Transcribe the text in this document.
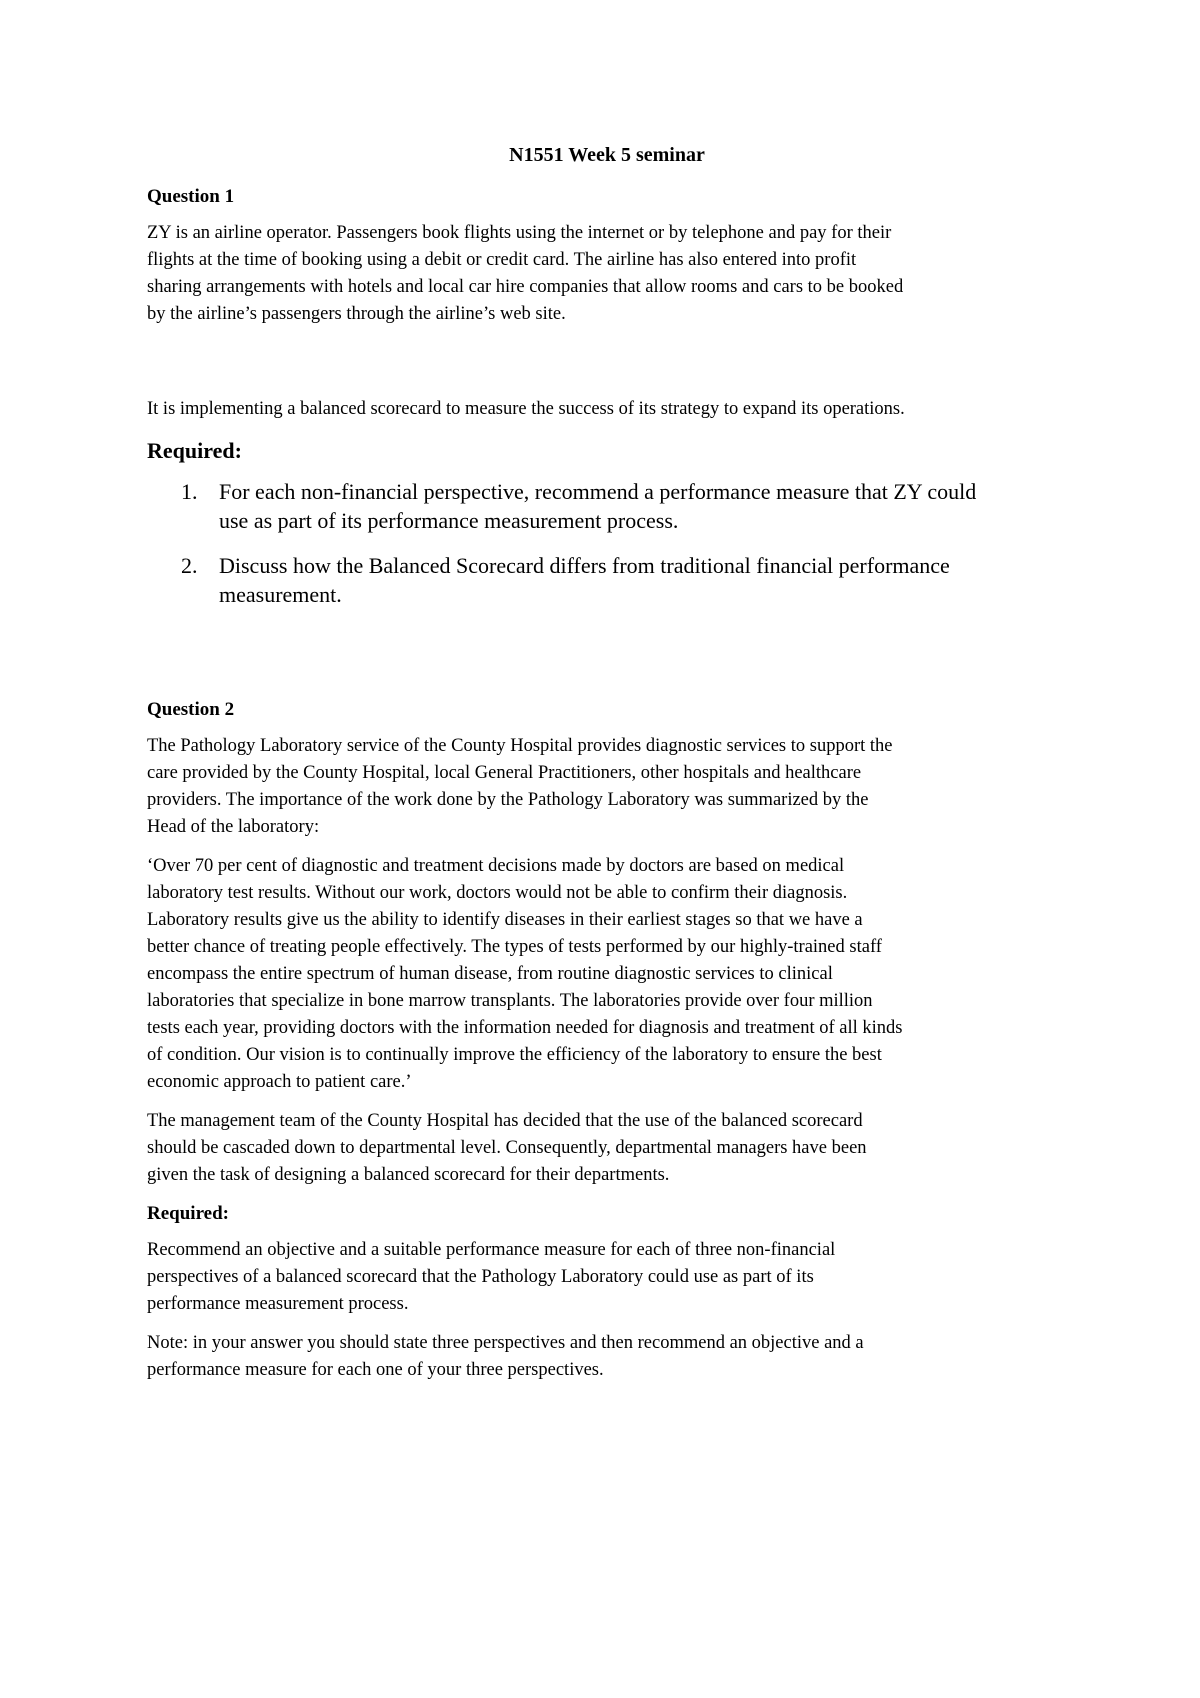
N1551 Week 5 seminar
Question 1
ZY is an airline operator. Passengers book flights using the internet or by telephone and pay for their
flights at the time of booking using a debit or credit card. The airline has also entered into profit
sharing arrangements with hotels and local car hire companies that allow rooms and cars to be booked
by the airline’s passengers through the airline’s web site.
It is implementing a balanced scorecard to measure the success of its strategy to expand its operations.
Required:
1. For each non-financial perspective, recommend a performance measure that ZY could
use as part of its performance measurement process.
2. Discuss how the Balanced Scorecard differs from traditional financial performance
measurement.
Question 2
The Pathology Laboratory service of the County Hospital provides diagnostic services to support the
care provided by the County Hospital, local General Practitioners, other hospitals and healthcare
providers. The importance of the work done by the Pathology Laboratory was summarized by the
Head of the laboratory:
‘Over 70 per cent of diagnostic and treatment decisions made by doctors are based on medical
laboratory test results. Without our work, doctors would not be able to confirm their diagnosis.
Laboratory results give us the ability to identify diseases in their earliest stages so that we have a
better chance of treating people effectively. The types of tests performed by our highly-trained staff
encompass the entire spectrum of human disease, from routine diagnostic services to clinical
laboratories that specialize in bone marrow transplants. The laboratories provide over four million
tests each year, providing doctors with the information needed for diagnosis and treatment of all kinds
of condition. Our vision is to continually improve the efficiency of the laboratory to ensure the best
economic approach to patient care.’
The management team of the County Hospital has decided that the use of the balanced scorecard
should be cascaded down to departmental level. Consequently, departmental managers have been
given the task of designing a balanced scorecard for their departments.
Required:
Recommend an objective and a suitable performance measure for each of three non-financial
perspectives of a balanced scorecard that the Pathology Laboratory could use as part of its
performance measurement process.
Note: in your answer you should state three perspectives and then recommend an objective and a
performance measure for each one of your three perspectives.
